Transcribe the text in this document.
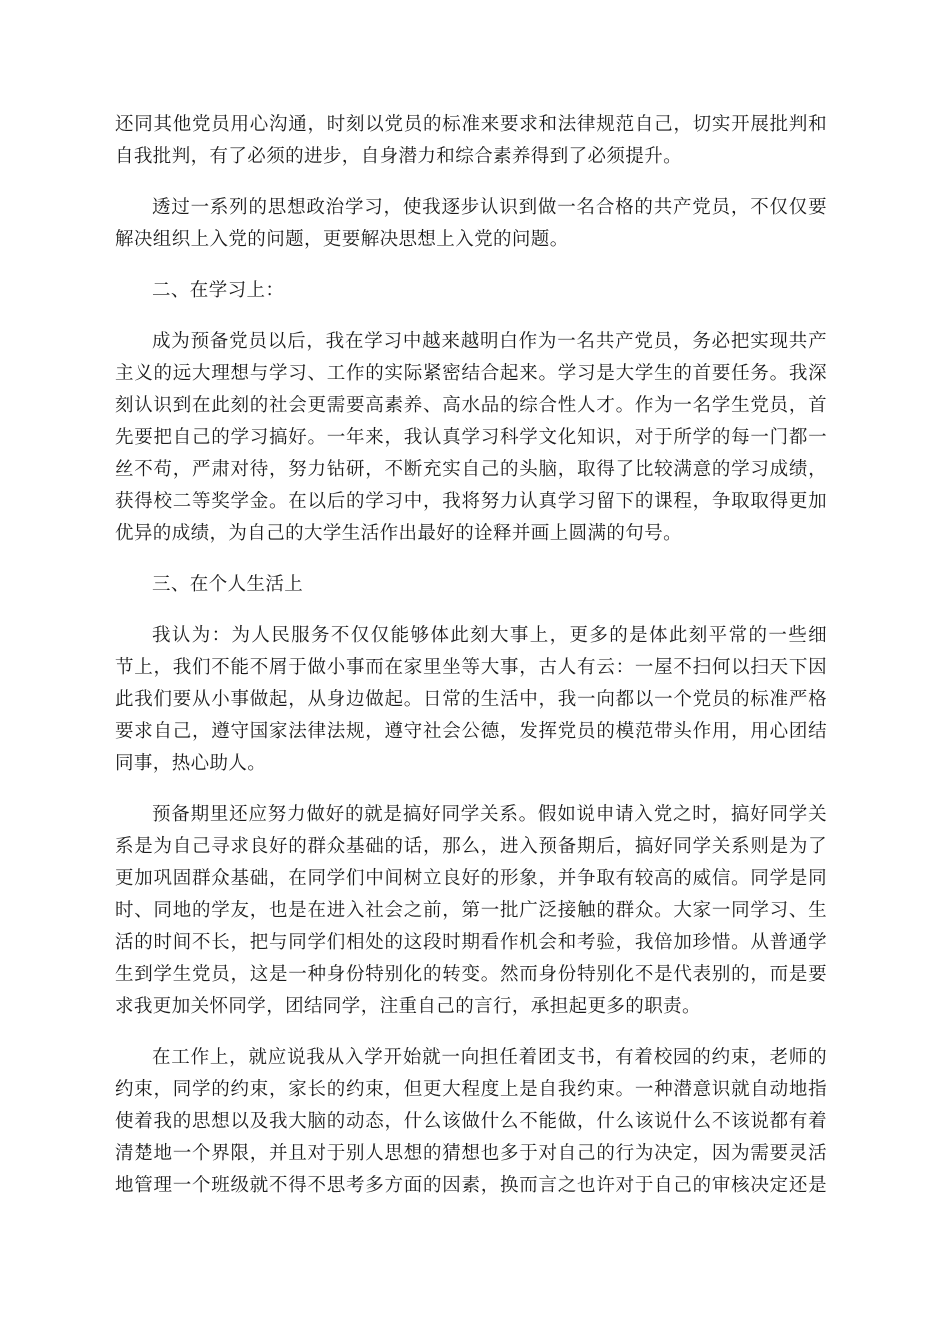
还同其他党员用心沟通，时刻以党员的标准来要求和法律规范自己，切实开展批判和
自我批判，有了必须的进步，自身潜力和综合素养得到了必须提升。
透过一系列的思想政治学习，使我逐步认识到做一名合格的共产党员，不仅仅要
解决组织上入党的问题，更要解决思想上入党的问题。
二、在学习上：
成为预备党员以后，我在学习中越来越明白作为一名共产党员，务必把实现共产
主义的远大理想与学习、工作的实际紧密结合起来。学习是大学生的首要任务。我深
刻认识到在此刻的社会更需要高素养、高水品的综合性人才。作为一名学生党员，首
先要把自己的学习搞好。一年来，我认真学习科学文化知识，对于所学的每一门都一
丝不苟，严肃对待，努力钻研，不断充实自己的头脑，取得了比较满意的学习成绩，
获得校二等奖学金。在以后的学习中，我将努力认真学习留下的课程，争取取得更加
优异的成绩，为自己的大学生活作出最好的诠释并画上圆满的句号。
三、在个人生活上
我认为：为人民服务不仅仅能够体此刻大事上，更多的是体此刻平常的一些细
节上，我们不能不屑于做小事而在家里坐等大事，古人有云：一屋不扫何以扫天下因
此我们要从小事做起，从身边做起。日常的生活中，我一向都以一个党员的标准严格
要求自己，遵守国家法律法规，遵守社会公德，发挥党员的模范带头作用，用心团结
同事，热心助人。
预备期里还应努力做好的就是搞好同学关系。假如说申请入党之时，搞好同学关
系是为自己寻求良好的群众基础的话，那么，进入预备期后，搞好同学关系则是为了
更加巩固群众基础，在同学们中间树立良好的形象，并争取有较高的威信。同学是同
时、同地的学友，也是在进入社会之前，第一批广泛接触的群众。大家一同学习、生
活的时间不长，把与同学们相处的这段时期看作机会和考验，我倍加珍惜。从普通学
生到学生党员，这是一种身份特别化的转变。然而身份特别化不是代表别的，而是要
求我更加关怀同学，团结同学，注重自己的言行，承担起更多的职责。
在工作上，就应说我从入学开始就一向担任着团支书，有着校园的约束，老师的
约束，同学的约束，家长的约束，但更大程度上是自我约束。一种潜意识就自动地指
使着我的思想以及我大脑的动态，什么该做什么不能做，什么该说什么不该说都有着
清楚地一个界限，并且对于别人思想的猜想也多于对自己的行为决定，因为需要灵活
地管理一个班级就不得不思考多方面的因素，换而言之也许对于自己的审核决定还是
